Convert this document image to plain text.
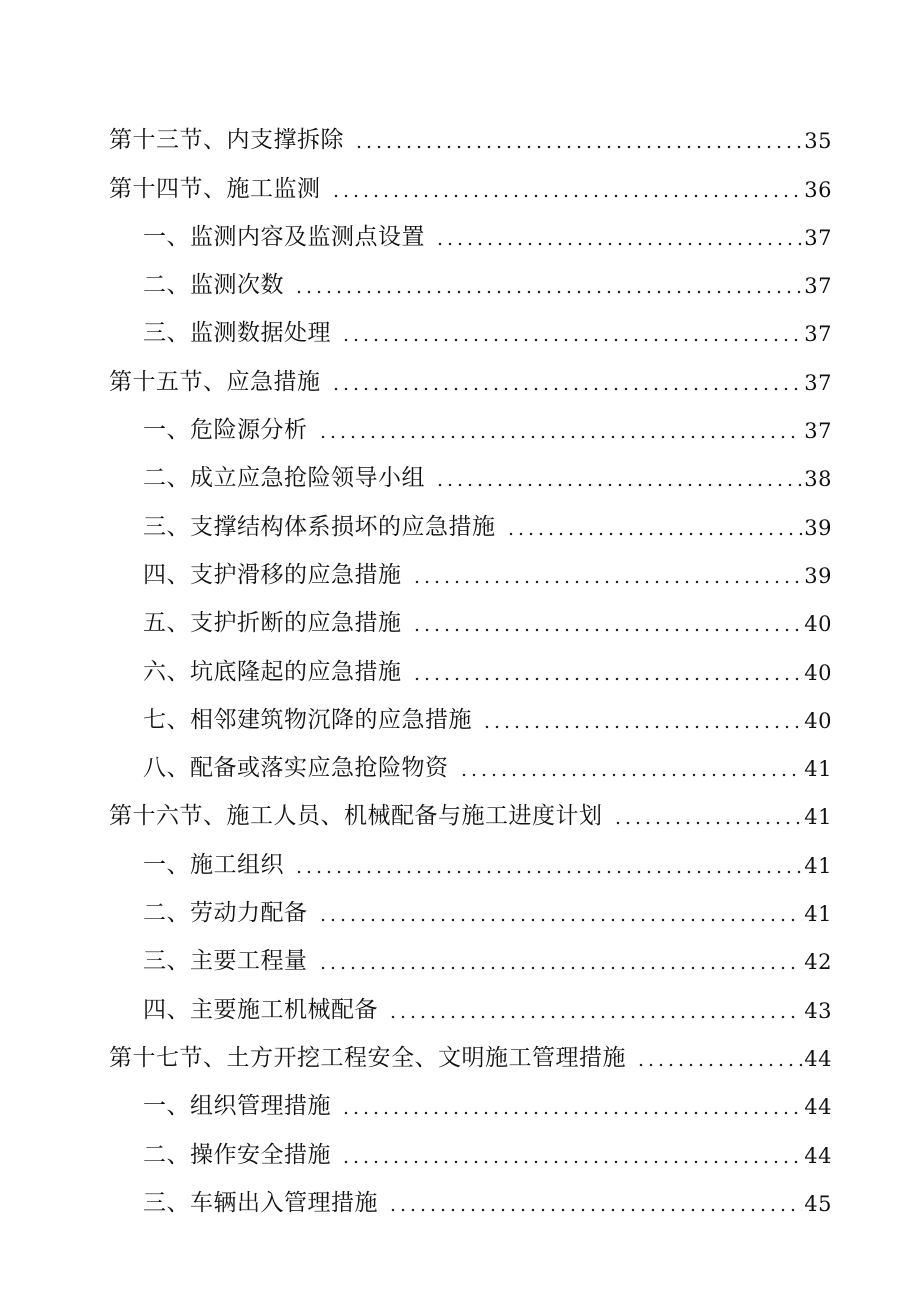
第十三节、内支撑拆除	35
第十四节、施工监测	36
一、监测内容及监测点设置	37
二、监测次数	37
三、监测数据处理	37
第十五节、应急措施	37
一、危险源分析	37
二、成立应急抢险领导小组	38
三、支撑结构体系损坏的应急措施	39
四、支护滑移的应急措施	39
五、支护折断的应急措施	40
六、坑底隆起的应急措施	40
七、相邻建筑物沉降的应急措施	40
八、配备或落实应急抢险物资	41
第十六节、施工人员、机械配备与施工进度计划	41
一、施工组织	41
二、劳动力配备	41
三、主要工程量	42
四、主要施工机械配备	43
第十七节、土方开挖工程安全、文明施工管理措施	44
一、组织管理措施	44
二、操作安全措施	44
三、车辆出入管理措施	45
